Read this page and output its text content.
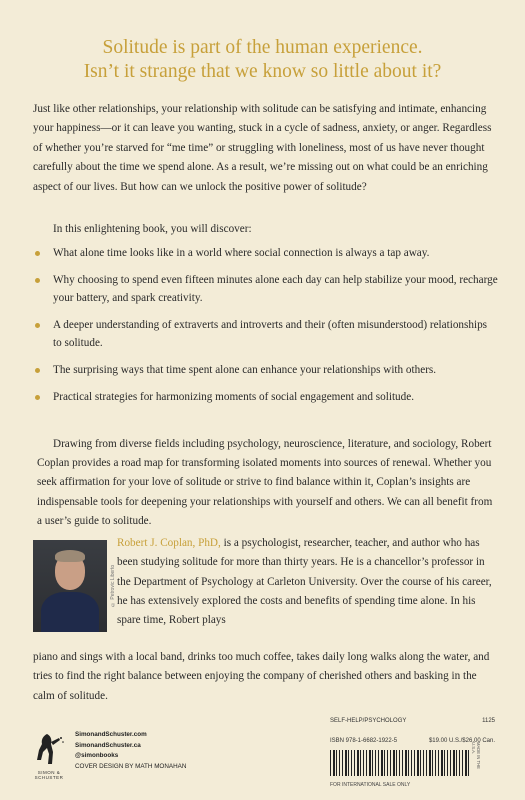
Solitude is part of the human experience.
Isn’t it strange that we know so little about it?
Just like other relationships, your relationship with solitude can be satisfying and intimate, enhancing your happiness—or it can leave you wanting, stuck in a cycle of sadness, anxiety, or anger. Regardless of whether you’re starved for “me time” or struggling with loneliness, most of us have never thought carefully about the time we spend alone. As a result, we’re missing out on what could be an enriching aspect of our lives. But how can we unlock the positive power of solitude?
In this enlightening book, you will discover:
What alone time looks like in a world where social connection is always a tap away.
Why choosing to spend even fifteen minutes alone each day can help stabilize your mood, recharge your battery, and spark creativity.
A deeper understanding of extraverts and introverts and their (often misunderstood) relationships to solitude.
The surprising ways that time spent alone can enhance your relationships with others.
Practical strategies for harmonizing moments of social engagement and solitude.
Drawing from diverse fields including psychology, neuroscience, literature, and sociology, Robert Coplan provides a road map for transforming isolated moments into sources of renewal. Whether you seek affirmation for your love of solitude or strive to find balance within it, Coplan’s insights are indispensable tools for deepening your relationships with yourself and others. We can all benefit from a user’s guide to solitude.
© Petrovic Liberto
Robert J. Coplan, PhD, is a psychologist, researcher, teacher, and author who has been studying solitude for more than thirty years. He is a chancellor’s professor in the Department of Psychology at Carleton University. Over the course of his career, he has extensively explored the costs and benefits of spending time alone. In his spare time, Robert plays
piano and sings with a local band, drinks too much coffee, takes daily long walks along the water, and tries to find the right balance between enjoying the company of cherished others and basking in the calm of solitude.
SIMON & SCHUSTER
SimonandSchuster.com
SimonandSchuster.ca
@simonbooks
COVER DESIGN BY MATH MONAHAN
SELF-HELP/PSYCHOLOGY	1125
ISBN 978-1-6682-1922-5	$19.00 U.S./$26.00 Can.
MADE IN THE U.S.A.
FOR INTERNATIONAL SALE ONLY
